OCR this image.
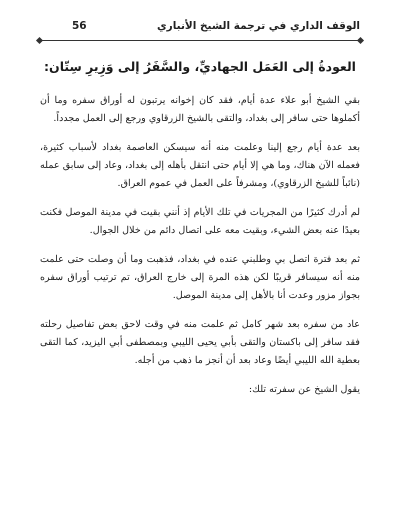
الوقف الداري في ترجمة الشيخ الأنباري
56
العودةُ إلى العَمَل الجهاديِّ، والسَّفَرُ إلى وَزِيرِ سِتّان:

بقي الشيخ أبو علاء عدة أيام، فقد كان إخوانه يرتبون له أوراق سفره وما أن أكملوها حتى سافر إلى بغداد، والتقى بالشيخ الزرقاوي ورجع إلى العمل مجدداً.

بعد عدة أيام رجع إلينا وعلمت منه أنه سيسكن العاصمة بغداد لأسباب كثيرة، فعمله الآن هناك، وما هي إلا أيام حتى انتقل بأهله إلى بغداد، وعاد إلى سابق عمله (نائباً للشيخ الزرقاوي)، ومشرفاً على العمل في عموم العراق.

لم أدرك كثيرًا من المجريات في تلك الأيام إذ أنني بقيت في مدينة الموصل فكنت بعيدًا عنه بعض الشيء، وبقيت معه على اتصال دائم من خلال الجوال.

ثم بعد فترة اتصل بي وطلبني عنده في بغداد، فذهبت وما أن وصلت حتى علمت منه أنه سيسافر قريبًا لكن هذه المرة إلى خارج العراق، تم ترتيب أوراق سفره بجواز مزور وعدت أنا بالأهل إلى مدينة الموصل.

عاد من سفره بعد شهر كامل ثم علمت منه في وقت لاحق بعض تفاصيل رحلته فقد سافر إلى باكستان والتقى بأبي يحيى الليبي وبمصطفى أبي اليزيد، كما التقى بعطية الله الليبي أيضًا وعاد بعد أن أنجز ما ذهب من أجله.

يقول الشيخ عن سفرته تلك:
